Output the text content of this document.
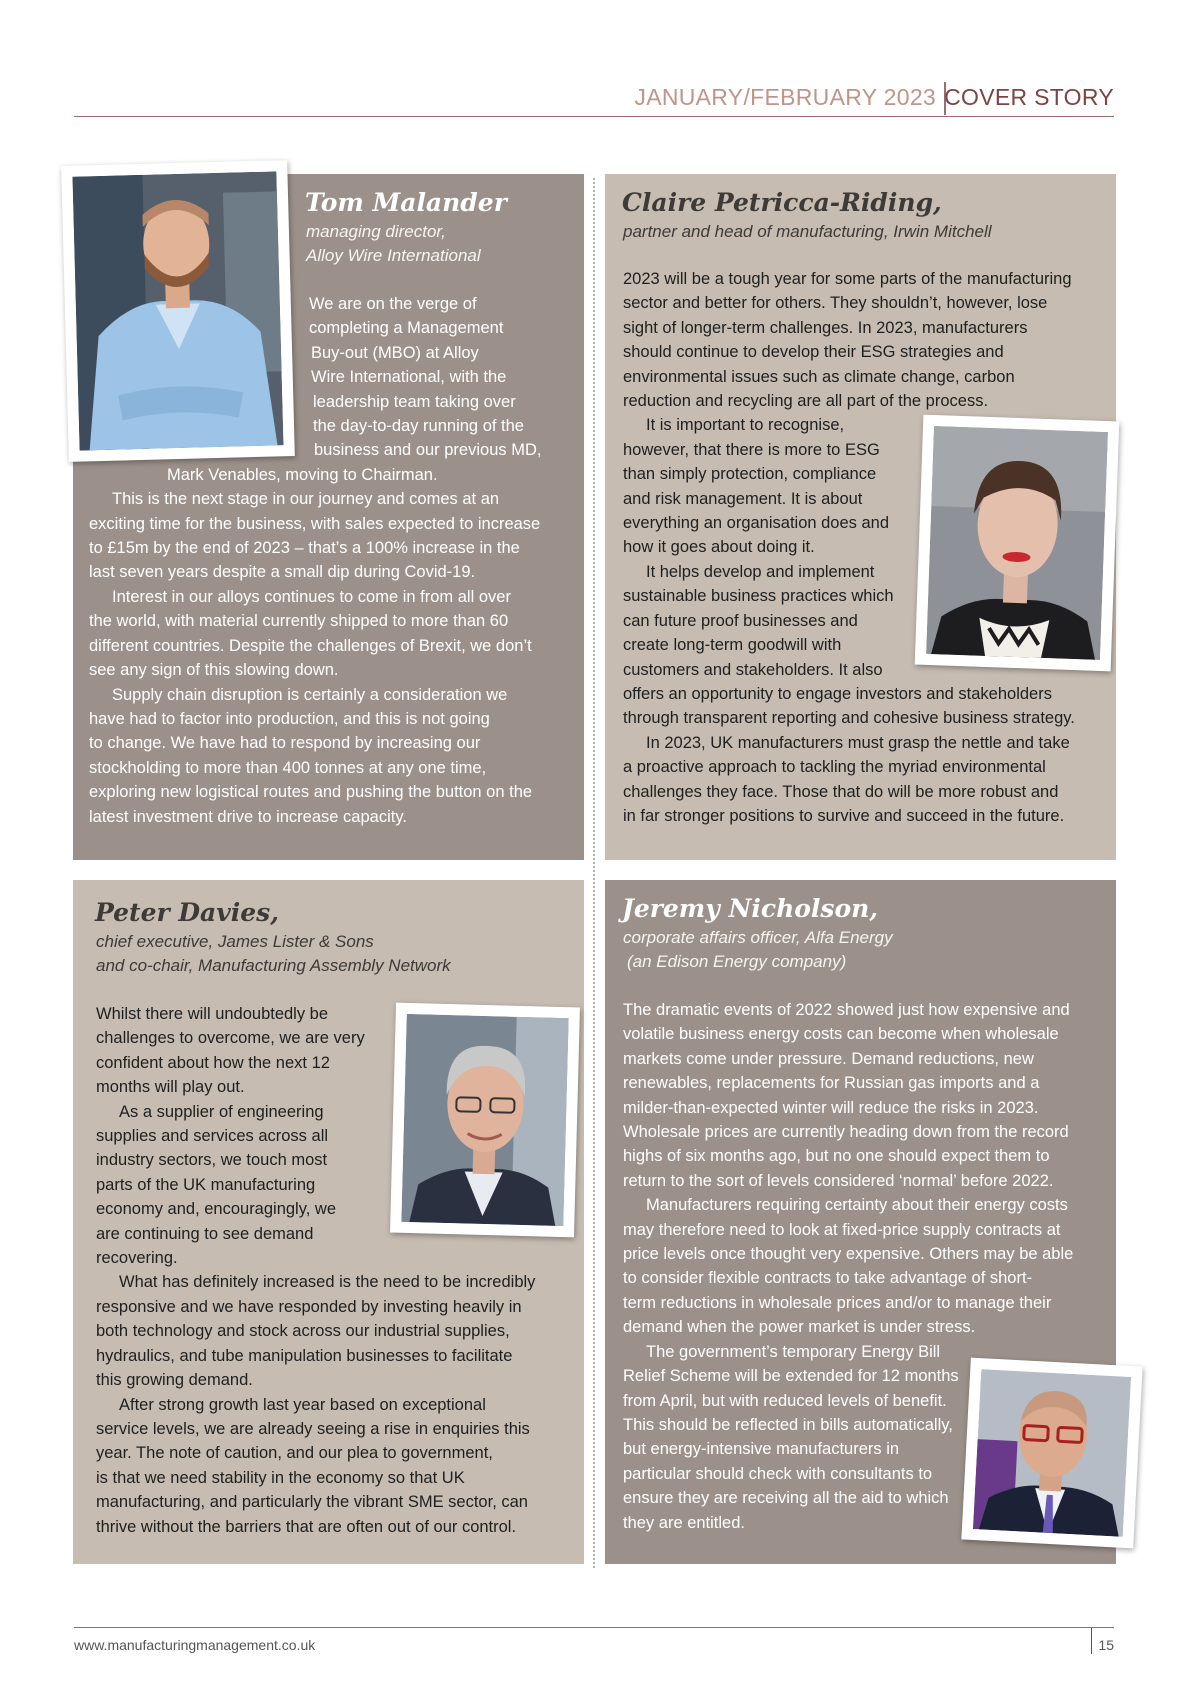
JANUARY/FEBRUARY 2023 COVER STORY
Tom Malander
managing director,
Alloy Wire International
We are on the verge of
completing a Management
Buy-out (MBO) at Alloy
Wire International, with the
leadership team taking over
the day-to-day running of the
business and our previous MD,
Mark Venables, moving to Chairman.
This is the next stage in our journey and comes at an
exciting time for the business, with sales expected to increase
to £15m by the end of 2023 – that’s a 100% increase in the
last seven years despite a small dip during Covid-19.
Interest in our alloys continues to come in from all over
the world, with material currently shipped to more than 60
different countries. Despite the challenges of Brexit, we don’t
see any sign of this slowing down.
Supply chain disruption is certainly a consideration we
have had to factor into production, and this is not going
to change. We have had to respond by increasing our
stockholding to more than 400 tonnes at any one time,
exploring new logistical routes and pushing the button on the
latest investment drive to increase capacity.
Claire Petricca-Riding,
partner and head of manufacturing, Irwin Mitchell
2023 will be a tough year for some parts of the manufacturing
sector and better for others. They shouldn’t, however, lose
sight of longer-term challenges. In 2023, manufacturers
should continue to develop their ESG strategies and
environmental issues such as climate change, carbon
reduction and recycling are all part of the process.
It is important to recognise,
however, that there is more to ESG
than simply protection, compliance
and risk management. It is about
everything an organisation does and
how it goes about doing it.
It helps develop and implement
sustainable business practices which
can future proof businesses and
create long-term goodwill with
customers and stakeholders. It also
offers an opportunity to engage investors and stakeholders
through transparent reporting and cohesive business strategy.
In 2023, UK manufacturers must grasp the nettle and take
a proactive approach to tackling the myriad environmental
challenges they face. Those that do will be more robust and
in far stronger positions to survive and succeed in the future.
Peter Davies,
chief executive, James Lister & Sons
and co-chair, Manufacturing Assembly Network
Whilst there will undoubtedly be
challenges to overcome, we are very
confident about how the next 12
months will play out.
As a supplier of engineering
supplies and services across all
industry sectors, we touch most
parts of the UK manufacturing
economy and, encouragingly, we
are continuing to see demand
recovering.
What has definitely increased is the need to be incredibly
responsive and we have responded by investing heavily in
both technology and stock across our industrial supplies,
hydraulics, and tube manipulation businesses to facilitate
this growing demand.
After strong growth last year based on exceptional
service levels, we are already seeing a rise in enquiries this
year. The note of caution, and our plea to government,
is that we need stability in the economy so that UK
manufacturing, and particularly the vibrant SME sector, can
thrive without the barriers that are often out of our control.
Jeremy Nicholson,
corporate affairs officer, Alfa Energy
(an Edison Energy company)
The dramatic events of 2022 showed just how expensive and
volatile business energy costs can become when wholesale
markets come under pressure. Demand reductions, new
renewables, replacements for Russian gas imports and a
milder-than-expected winter will reduce the risks in 2023.
Wholesale prices are currently heading down from the record
highs of six months ago, but no one should expect them to
return to the sort of levels considered ‘normal’ before 2022.
Manufacturers requiring certainty about their energy costs
may therefore need to look at fixed-price supply contracts at
price levels once thought very expensive. Others may be able
to consider flexible contracts to take advantage of short-
term reductions in wholesale prices and/or to manage their
demand when the power market is under stress.
The government’s temporary Energy Bill
Relief Scheme will be extended for 12 months
from April, but with reduced levels of benefit.
This should be reflected in bills automatically,
but energy-intensive manufacturers in
particular should check with consultants to
ensure they are receiving all the aid to which
they are entitled.
www.manufacturingmanagement.co.uk	15
